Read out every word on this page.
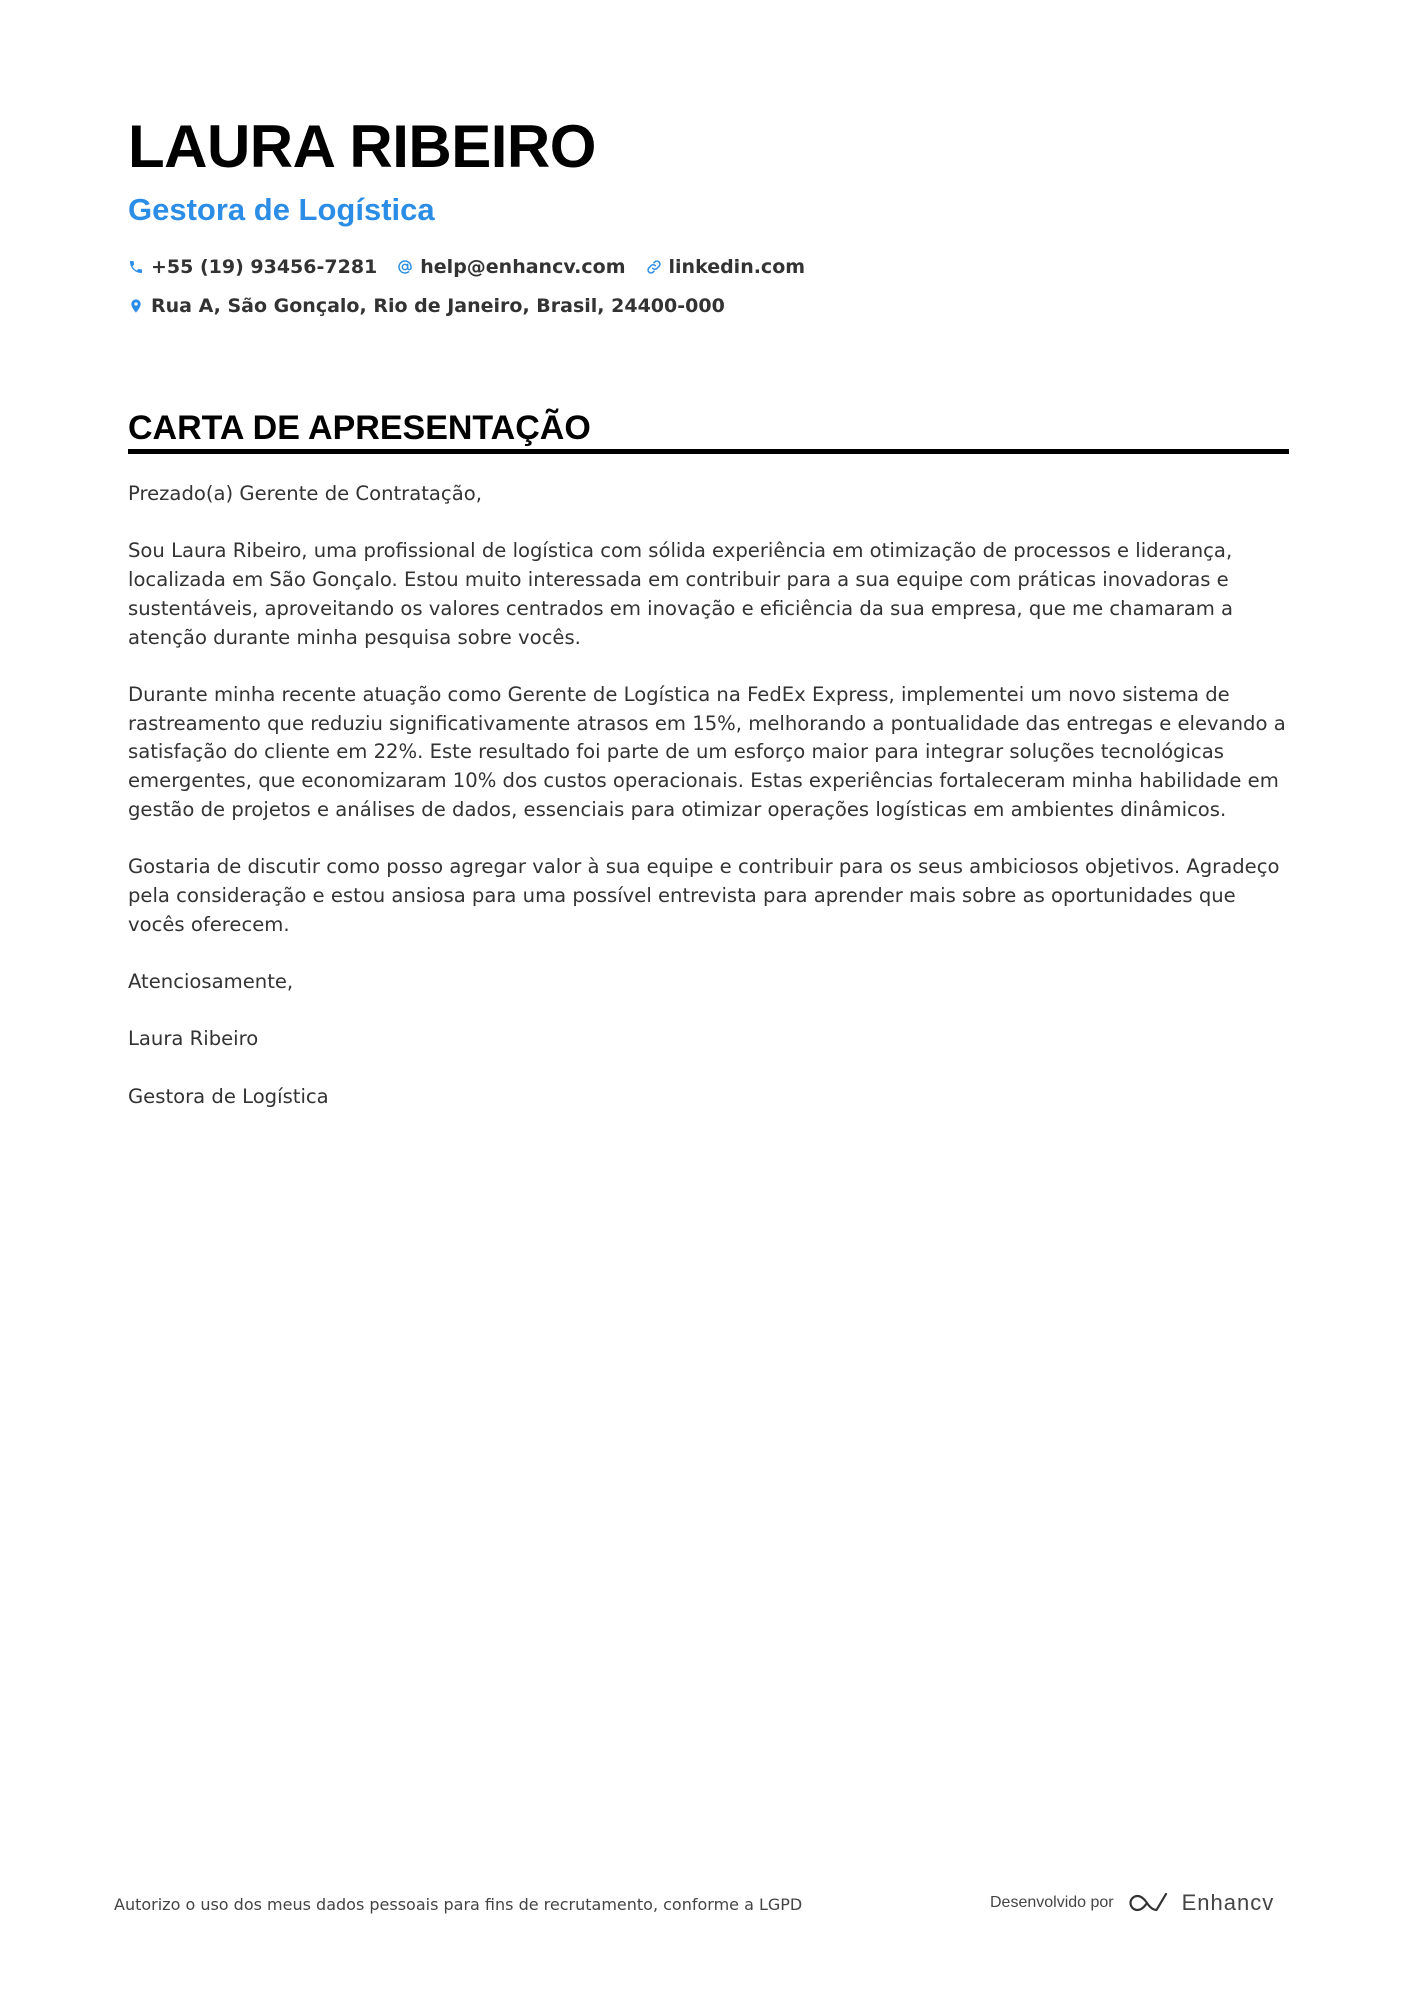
LAURA RIBEIRO
Gestora de Logística
+55 (19) 93456-7281 help@enhancv.com linkedin.com
Rua A, São Gonçalo, Rio de Janeiro, Brasil, 24400-000
CARTA DE APRESENTAÇÃO

Prezado(a) Gerente de Contratação,

Sou Laura Ribeiro, uma profissional de logística com sólida experiência em otimização de processos e liderança, localizada em São Gonçalo. Estou muito interessada em contribuir para a sua equipe com práticas inovadoras e sustentáveis, aproveitando os valores centrados em inovação e eficiência da sua empresa, que me chamaram a atenção durante minha pesquisa sobre vocês.

Durante minha recente atuação como Gerente de Logística na FedEx Express, implementei um novo sistema de rastreamento que reduziu significativamente atrasos em 15%, melhorando a pontualidade das entregas e elevando a satisfação do cliente em 22%. Este resultado foi parte de um esforço maior para integrar soluções tecnológicas emergentes, que economizaram 10% dos custos operacionais. Estas experiências fortaleceram minha habilidade em gestão de projetos e análises de dados, essenciais para otimizar operações logísticas em ambientes dinâmicos.

Gostaria de discutir como posso agregar valor à sua equipe e contribuir para os seus ambiciosos objetivos. Agradeço pela consideração e estou ansiosa para uma possível entrevista para aprender mais sobre as oportunidades que vocês oferecem.

Atenciosamente,

Laura Ribeiro

Gestora de Logística

Autorizo o uso dos meus dados pessoais para fins de recrutamento, conforme a LGPD	Desenvolvido por	Enhancv
